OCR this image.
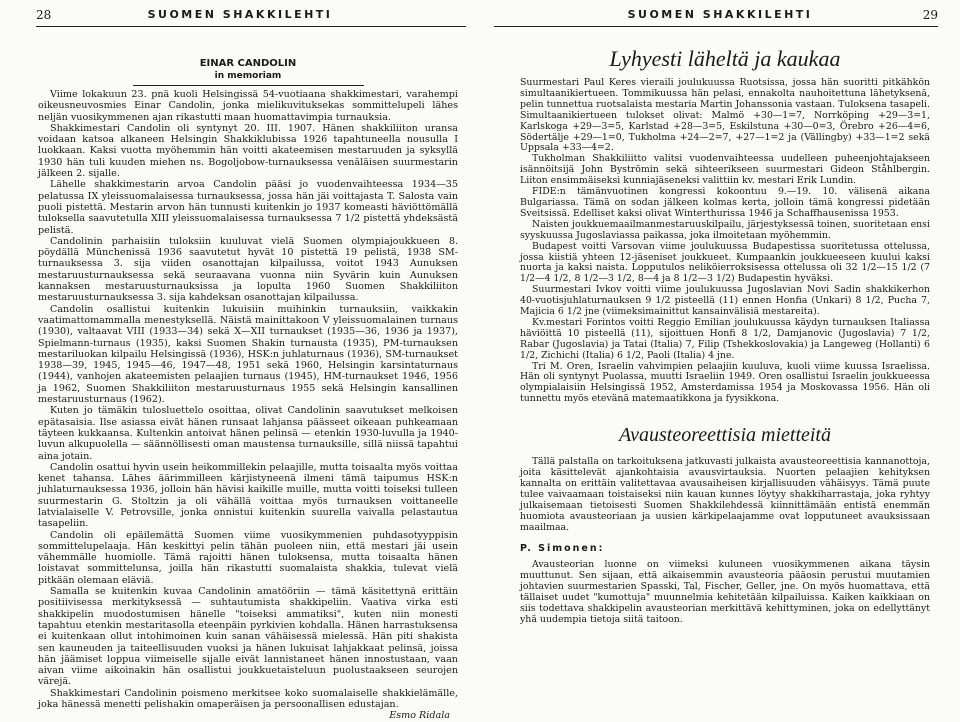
28	SUOMEN SHAKKILEHTI
EINAR CANDOLIN
in memoriam

Viime lokakuun 23. pnä kuoli Helsingissä 54-vuotiaana shakkimestari, varahempi oikeusneuvosmies Einar Candolin, jonka mielikuvituksekas sommittelupeli lähes neljän vuosikymmenen ajan rikastutti maan huomattavimpia turnauksia.

Shakkimestari Candolin oli syntynyt 20. III. 1907. Hänen shakkiliiton uransa voidaan katsoa alkaneen Helsingin Shakkiklubissa 1926 tapahtuneella nousulla I luokkaan. Kaksi vuotta myöhemmin hän voitti akateemisen mestaruuden ja syksyllä 1930 hän tuli kuuden miehen ns. Bogoljobow-turnauksessa venäläisen suurmestarin jälkeen 2. sijalle.

Lähelle shakkimestarin arvoa Candolin pääsi jo vuodenvaihteessa 1934—35 pelatussa IX yleissuomalaisessa turnauksessa, jossa hän jäi voittajasta T. Salosta vain puoli pistettä. Mestarin arvon hän tunnusti kuitenkin jo 1937 komeasti häviöttömällä tuloksella saavutetulla XIII yleissuomalaisessa turnauksessa 7 1/2 pistettä yhdeksästä pelistä.

Candolinin parhaisiin tuloksiin kuuluvat vielä Suomen olympiajoukkueen 8. pöydällä Münchenissä 1936 saavutetut hyvät 10 pistettä 19 pelistä, 1938 SM-turnauksessa 3. sija viiden osanottajan kilpailussa, voitot 1943 Aunuksen mestaruusturnauksessa sekä seuraavana vuonna niin Syvärin kuin Aunuksen kannaksen mestaruusturnauksissa ja lopulta 1960 Suomen Shakkiliiton mestaruusturnauksessa 3. sija kahdeksan osanottajan kilpailussa.

Candolin osallistui kuitenkin lukuisiin muihinkin turnauksiin, vaikkakin vaatimattomammalla menestyksellä. Näistä mainittakoon V yleissuomalainen turnaus (1930), valtaavat VIII (1933—34) sekä X—XII turnaukset (1935—36, 1936 ja 1937), Spielmann-turnaus (1935), kaksi Suomen Shakin turnausta (1935), PM-turnauksen mestariluokan kilpailu Helsingissä (1936), HSK:n juhlaturnaus (1936), SM-turnaukset 1938—39, 1945, 1945—46, 1947—48, 1951 sekä 1960, Helsingin karsintaturnaus (1944), vanhojen akateemisten pelaajien turnaus (1945), HM-turnaukset 1946, 1956 ja 1962, Suomen Shakkiliiton mestaruusturnaus 1955 sekä Helsingin kansallinen mestaruusturnaus (1962).

Kuten jo tämäkin tulosluettelo osoittaa, olivat Candolinin saavutukset melkoisen epätasaisia. Ilse asiassa eivät hänen runsaat lahjansa päässeet oikeaan puhkeamaan täyteen kukkaansa. Kultenkin antoivat hänen pelinsä — etenkin 1930-luvulla ja 1940-luvun alkupuolella — säännöllisesti oman maustensa turnauksille, sillä niissä tapahtui aina jotain.

Candolin osattui hyvin usein heikommillekin pelaajille, mutta toisaalta myös voittaa kenet tahansa. Lähes äärimmilleen kärjistyneenä ilmeni tämä taipumus HSK:n juhlaturnauksessa 1936, jolloin hän hävisi kaikille muille, mutta voitti toiseksi tulleen suurmestarin G. Stoltzin ja oli vähällä voittaa myös turnauksen voittaneelle latvialaiselle V. Petrovsille, jonka onnistui kuitenkin suurella vaivalla pelastautua tasapeliin.

Candolin oli epäilemättä Suomen viime vuosikymmenien puhdasotyyppisin sommittelupelaaja. Hän keskittyi pelin tähän puoleen niin, että mestari jäi usein vähemmälle huomiolle. Tämä rajoitti hänen tuloksensa, mutta toisaalta hänen loistavat sommittelunsa, joilla hän rikastutti suomalaista shakkia, tulevat vielä pitkään olemaan eläviä.

Samalla se kuitenkin kuvaa Candolinin amatööriin — tämä käsitettynä erittäin positiivisessa merkityksessä — suhtautumista shakkipeliin. Vaativa virka esti shakkipelin muodostumisen hänelle "toiseksi ammatiksi", kuten niin monesti tapahtuu etenkin mestaritasolla eteenpäin pyrkivien kohdalla. Hänen harrastuksensa ei kuitenkaan ollut intohimoinen kuin sanan vähäisessä mielessä. Hän piti shakista sen kauneuden ja taiteellisuuden vuoksi ja hänen lukuisat lahjakkaat pelinsä, joissa hän jäämiset loppua viimeiselle sijalle eivät lannistaneet hänen innostustaan, vaan aivan viime aikoinakin hän osallistui joukkuetaisteluun puolustaakseen seurojen värejä.

Shakkimestari Candolinin poismeno merkitsee koko suomalaiselle shakkielämälle, joka hänessä menetti pelishakin omaperäisen ja persoonallisen edustajan.

Esmo Ridala
SUOMEN SHAKKILEHTI	29
Lyhyesti läheltä ja kaukaa

Suurmestari Paul Keres vieraili joulukuussa Ruotsissa, jossa hän suoritti pitkähkön simultaanikiertueen. Tommikuussa hän pelasi, ennakolta nauhoitettuna lähetyksenä, pelin tunnettua ruotsalaista mestaria Martin Johanssonia vastaan. Tuloksena tasapeli. Simultaanikiertueen tulokset olivat: Malmö +30—1=7, Norrköping +29—3=1, Karlskoga +29—3=5, Karlstad +28—3=5, Eskilstuna +30—0=3, Örebro +26—4=6, Södertälje +29—1=0, Tukholma +24—2=7, +27—1=2 ja (Vällingby) +33—1=2 sekä Uppsala +33—4=2.

Tukholman Shakkiliitto valitsi vuodenvaihteessa uudelleen puheenjohtajakseen isännöitsijä John Byströmin sekä sihteerikseen suurmestari Gideon Ståhlbergin. Liiton ensimmäiseksi kunniajäseneksi valittiin kv. mestari Erik Lundin.

FIDE:n tämänvuotinen kongressi kokoontuu 9.—19. 10. välisenä aikana Bulgariassa. Tämä on sodan jälkeen kolmas kerta, jolloin tämä kongressi pidetään Sveitsissä. Edelliset kaksi olivat Winterthurissa 1946 ja Schaffhausenissa 1953.

Naisten joukkuemaailmanmestaruuskilpailu, järjestyksessä toinen, suoritetaan ensi syyskuussa Jugoslaviassa paikassa, joka ilmoitetaan myöhemmin.

Budapest voitti Varsovan viime joulukuussa Budapestissa suoritetussa ottelussa, jossa kiistiä yhteen 12-jäseniset joukkueet. Kumpaankin joukkueeseen kuului kaksi nuorta ja kaksi naista. Lopputulos neliköierroksisessa ottelussa oli 32 1/2—15 1/2 (7 1/2—4 1/2, 8 1/2—3 1/2, 8—4 ja 8 1/2—3 1/2) Budapestin hyväksi.

Suurmestari Ivkov voitti viime joulukuussa Jugoslavian Novi Sadin shakkikerhon 40-vuotisjuhlaturnauksen 9 1/2 pisteellä (11) ennen Honfia (Unkari) 8 1/2, Pucha 7, Majicia 6 1/2 jne (viimeksimainittut kansainvälisiä mestareita).

Kv.mestari Forintos voitti Reggio Emilian joulukuussa käydyn turnauksen Italiassa häviöittä 10 pisteellä (11), sijoittuen Honfi 8 1/2, Damjanovic (Jugoslavia) 7 1/2, Rabar (Jugoslavia) ja Tatai (Italia) 7, Filip (Tshekkoslovakia) ja Langeweg (Hollanti) 6 1/2, Zichichi (Italia) 6 1/2, Paoli (Italia) 4 jne.

Tri M. Oren, Israelin vahvimpien pelaajiin kuuluva, kuoli viime kuussa Israelissa. Hän oli syntynyt Puolassa, muutti Israeliin 1949. Oren osallistui Israelin joukkueessa olympialaisiin Helsingissä 1952, Amsterdamissa 1954 ja Moskovassa 1956. Hän oli tunnettu myös etevänä matemaatikkona ja fyysikkona.

Avausteoreettisia mietteitä

Tällä palstalla on tarkoituksena jatkuvasti julkaista avausteoreettisia kannanottoja, joita käsittelevät ajankohtaisia avausvirtauksia. Nuorten pelaajien kehityksen kannalta on erittäin valitettavaa avausaiheisen kirjallisuuden vähäisyys. Tämä puute tulee vaivaamaan toistaiseksi niin kauan kunnes löytyy shakkiharrastaja, joka ryhtyy julkaisemaan tietoisesti Suomen Shakkilehdessä kiinnittämään entistä enemmän huomiota avausteoriaan ja uusien kärkipelaajamme ovat lopputuneet avauksissaan maailmaa.

P. Simonen:

Avausteorian luonne on viimeksi kuluneen vuosikymmenen aikana täysin muuttunut. Sen sijaan, että aikaisemmin avausteoria pääosin perustui muutamien johtavien suurmestarien Spasski, Tal, Fischer, Geller, jne. On myös huomattava, että tällaiset uudet "kumottuja" muunnelmia kehitetään kilpailuissa. Kaiken kaikkiaan on siis todettava shakkipelin avausteorian merkittävä kehittyminen, joka on edellyttänyt yhä uudempia tietoja siitä taitoon.
